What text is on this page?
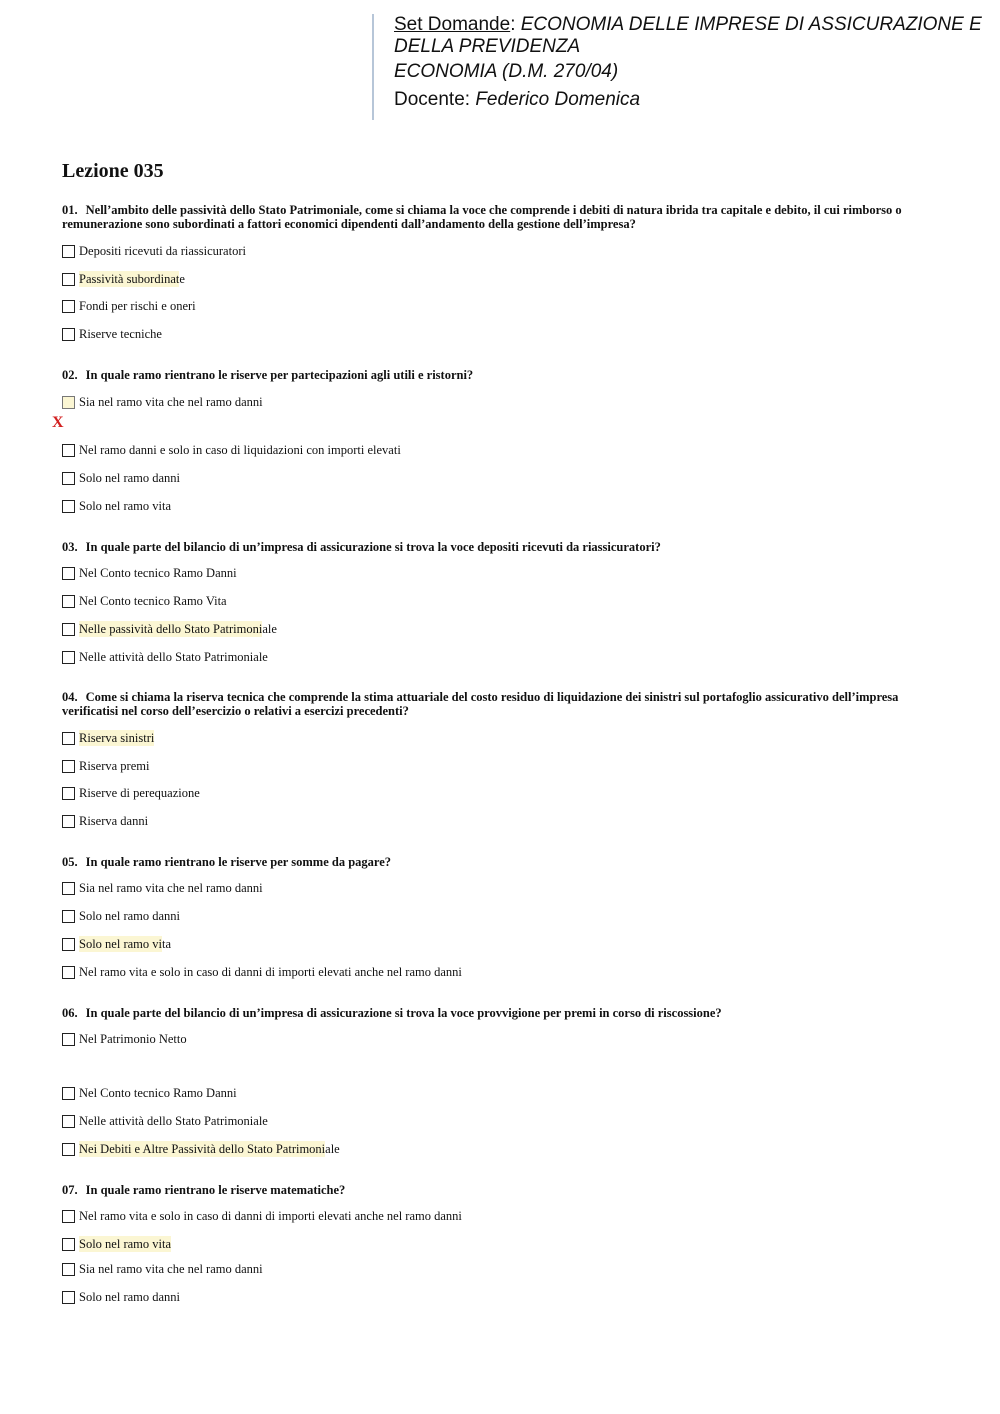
Set Domande: ECONOMIA DELLE IMPRESE DI ASSICURAZIONE E

DELLA PREVIDENZA

ECONOMIA (D.M. 270/04)

Docente: Federico Domenica

Lezione 035

01. Nell’ambito delle passività dello Stato Patrimoniale, come si chiama la voce che comprende i debiti di natura ibrida tra capitale e debito, il cui rimborso o remunerazione sono subordinati a fattori economici dipendenti dall’andamento della gestione dell’impresa?

Depositi ricevuti da riassicuratori
Passività subordinat e
Fondi per rischi e oneri
Riserve tecniche

02. In quale ramo rientrano le riserve per partecipazioni agli utili e ristorni?

Sia nel ramo vita che nel ramo danni
X
Nel ramo danni e solo in caso di liquidazioni con importi elevati
Solo nel ramo danni
Solo nel ramo vita

03. In quale parte del bilancio di un’impresa di assicurazione si trova la voce depositi ricevuti da riassicuratori?

Nel Conto tecnico Ramo Danni
Nel Conto tecnico Ramo Vita
Nelle passività dello Stato Patrimoni ale
Nelle attività dello Stato Patrimoniale

04. Come si chiama la riserva tecnica che comprende la stima attuariale del costo residuo di liquidazione dei sinistri sul portafoglio assicurativo dell’impresa verificatisi nel corso dell’esercizio o relativi a esercizi precedenti?

Riserva sinistri
Riserva premi
Riserve di perequazione
Riserva danni

05. In quale ramo rientrano le riserve per somme da pagare?

Sia nel ramo vita che nel ramo danni
Solo nel ramo danni
Solo nel ramo vi ta
Nel ramo vita e solo in caso di danni di importi elevati anche nel ramo danni

06. In quale parte del bilancio di un’impresa di assicurazione si trova la voce provvigione per premi in corso di riscossione?

Nel Patrimonio Netto
Nel Conto tecnico Ramo Danni
Nelle attività dello Stato Patrimoniale
Nei Debiti e Altre Passività dello Stato Patrimoni ale

07. In quale ramo rientrano le riserve matematiche?

Nel ramo vita e solo in caso di danni di importi elevati anche nel ramo danni
Solo nel ramo vita
Sia nel ramo vita che nel ramo danni
Solo nel ramo danni
